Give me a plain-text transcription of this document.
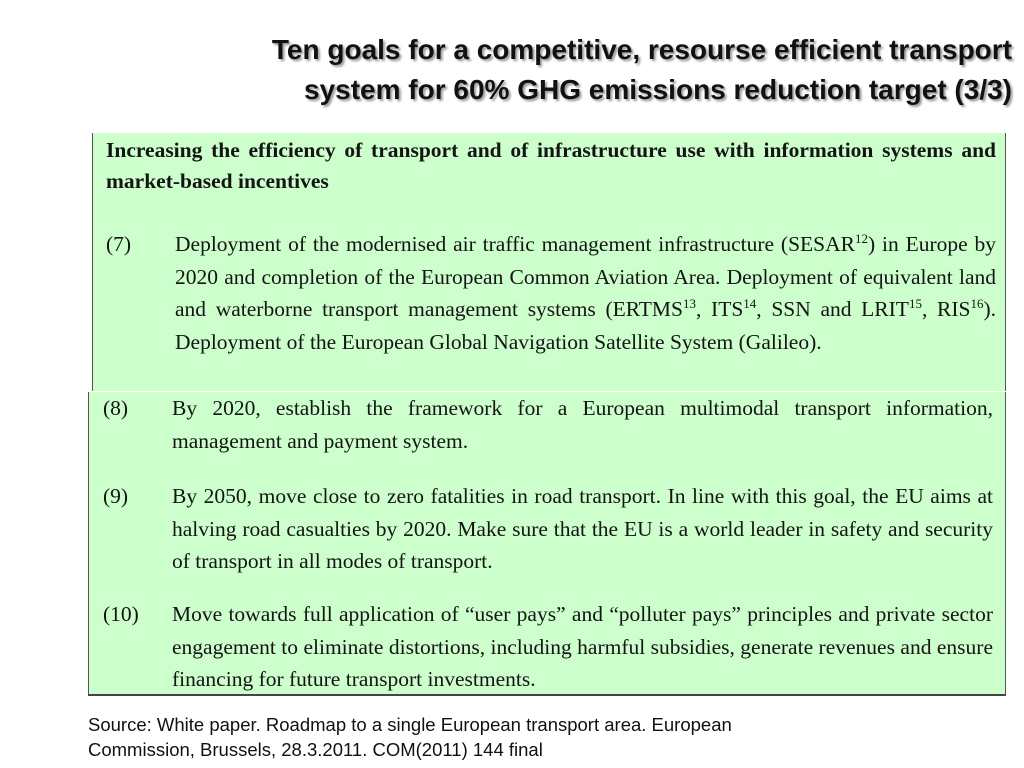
Ten goals for a competitive, resourse efficient transport
system for 60% GHG emissions reduction target (3/3)

Increasing the efficiency of transport and of infrastructure use with information systems and market-based incentives

(7)	Deployment of the modernised air traffic management infrastructure (SESAR$^{12}$) in Europe by 2020 and completion of the European Common Aviation Area. Deployment of equivalent land and waterborne transport management systems (ERTMS$^{13}$, ITS$^{14}$, SSN and LRIT$^{15}$, RIS$^{16}$). Deployment of the European Global Navigation Satellite System (Galileo).
(8)	By 2020, establish the framework for a European multimodal transport information, management and payment system.
(9)	By 2050, move close to zero fatalities in road transport. In line with this goal, the EU aims at halving road casualties by 2020. Make sure that the EU is a world leader in safety and security of transport in all modes of transport.
(10)	Move towards full application of “user pays” and “polluter pays” principles and private sector engagement to eliminate distortions, including harmful subsidies, generate revenues and ensure financing for future transport investments.

Source: White paper. Roadmap to a single European transport area. European
Commission, Brussels, 28.3.2011. COM(2011) 144 final
